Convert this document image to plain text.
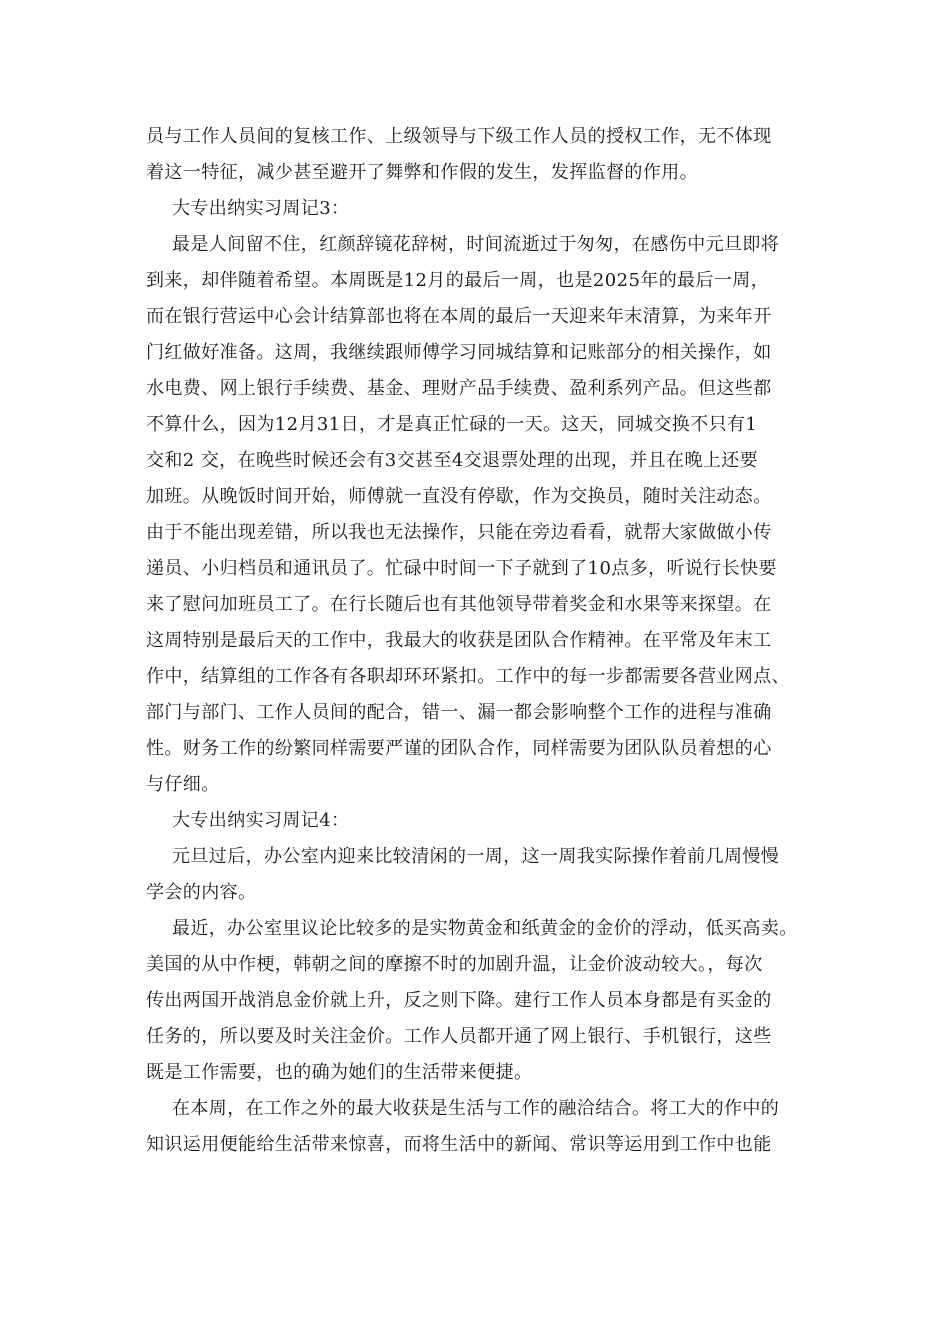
员与工作人员间的复核工作、上级领导与下级工作人员的授权工作，无不体现
着这一特征，减少甚至避开了舞弊和作假的发生，发挥监督的作用。
大专出纳实习周记3：
最是人间留不住，红颜辞镜花辞树，时间流逝过于匆匆，在感伤中元旦即将
到来，却伴随着希望。本周既是12月的最后一周，也是2025年的最后一周，
而在银行营运中心会计结算部也将在本周的最后一天迎来年末清算，为来年开
门红做好准备。这周，我继续跟师傅学习同城结算和记账部分的相关操作，如
水电费、网上银行手续费、基金、理财产品手续费、盈利系列产品。但这些都
不算什么，因为12月31日，才是真正忙碌的一天。这天，同城交换不只有1
交和2 交，在晚些时候还会有3交甚至4交退票处理的出现，并且在晚上还要
加班。从晚饭时间开始，师傅就一直没有停歇，作为交换员，随时关注动态。
由于不能出现差错，所以我也无法操作，只能在旁边看看，就帮大家做做小传
递员、小归档员和通讯员了。忙碌中时间一下子就到了10点多，听说行长快要
来了慰问加班员工了。在行长随后也有其他领导带着奖金和水果等来探望。在
这周特别是最后天的工作中，我最大的收获是团队合作精神。在平常及年末工
作中，结算组的工作各有各职却环环紧扣。工作中的每一步都需要各营业网点、
部门与部门、工作人员间的配合，错一、漏一都会影响整个工作的进程与准确
性。财务工作的纷繁同样需要严谨的团队合作，同样需要为团队队员着想的心
与仔细。
大专出纳实习周记4：
元旦过后，办公室内迎来比较清闲的一周，这一周我实际操作着前几周慢慢
学会的内容。
最近，办公室里议论比较多的是实物黄金和纸黄金的金价的浮动，低买高卖。
美国的从中作梗，韩朝之间的摩擦不时的加剧升温，让金价波动较大。，每次
传出两国开战消息金价就上升，反之则下降。建行工作人员本身都是有买金的
任务的，所以要及时关注金价。工作人员都开通了网上银行、手机银行，这些
既是工作需要，也的确为她们的生活带来便捷。
在本周，在工作之外的最大收获是生活与工作的融洽结合。将工大的作中的
知识运用便能给生活带来惊喜，而将生活中的新闻、常识等运用到工作中也能
